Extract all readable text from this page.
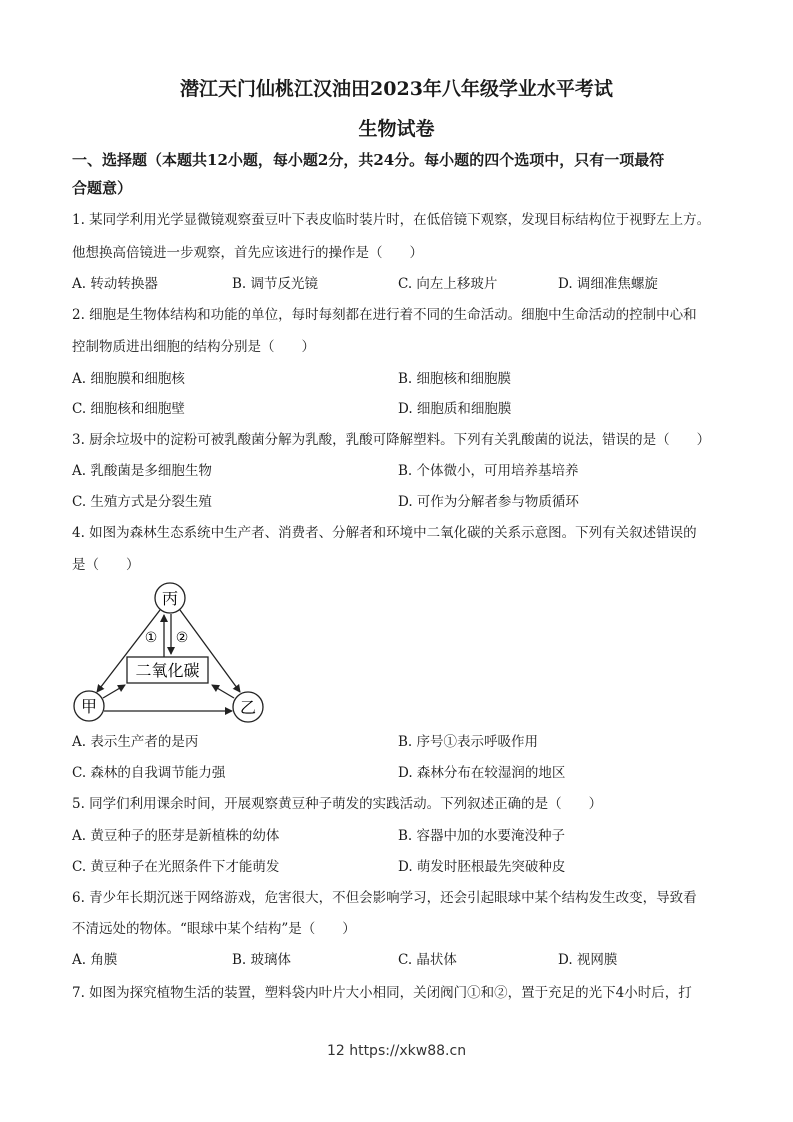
潜江天门仙桃江汉油田2023年八年级学业水平考试
生物试卷
一、选择题（本题共12小题，每小题2分，共24分。每小题的四个选项中，只有一项最符
合题意）
1. 某同学利用光学显微镜观察蚕豆叶下表皮临时装片时，在低倍镜下观察，发现目标结构位于视野左上方。
他想换高倍镜进一步观察，首先应该进行的操作是（　　）
A. 转动转换器	B. 调节反光镜	C. 向左上移玻片	D. 调细准焦螺旋
2. 细胞是生物体结构和功能的单位，每时每刻都在进行着不同的生命活动。细胞中生命活动的控制中心和
控制物质进出细胞的结构分别是（　　）
A. 细胞膜和细胞核	B. 细胞核和细胞膜
C. 细胞核和细胞壁	D. 细胞质和细胞膜
3. 厨余垃圾中的淀粉可被乳酸菌分解为乳酸，乳酸可降解塑料。下列有关乳酸菌的说法，错误的是（　　）
A. 乳酸菌是多细胞生物	B. 个体微小，可用培养基培养
C. 生殖方式是分裂生殖	D. 可作为分解者参与物质循环
4. 如图为森林生态系统中生产者、消费者、分解者和环境中二氧化碳的关系示意图。下列有关叙述错误的
是（　　）
丙
甲	乙
二氧化碳
① ②
A. 表示生产者的是丙	B. 序号①表示呼吸作用
C. 森林的自我调节能力强	D. 森林分布在较湿润的地区
5. 同学们利用课余时间，开展观察黄豆种子萌发的实践活动。下列叙述正确的是（　　）
A. 黄豆种子的胚芽是新植株的幼体	B. 容器中加的水要淹没种子
C. 黄豆种子在光照条件下才能萌发	D. 萌发时胚根最先突破种皮
6. 青少年长期沉迷于网络游戏，危害很大，不但会影响学习，还会引起眼球中某个结构发生改变，导致看
不清远处的物体。“眼球中某个结构”是（　　）
A. 角膜	B. 玻璃体	C. 晶状体	D. 视网膜
7. 如图为探究植物生活的装置，塑料袋内叶片大小相同，关闭阀门①和②，置于充足的光下4小时后，打
12 https://xkw88.cn
